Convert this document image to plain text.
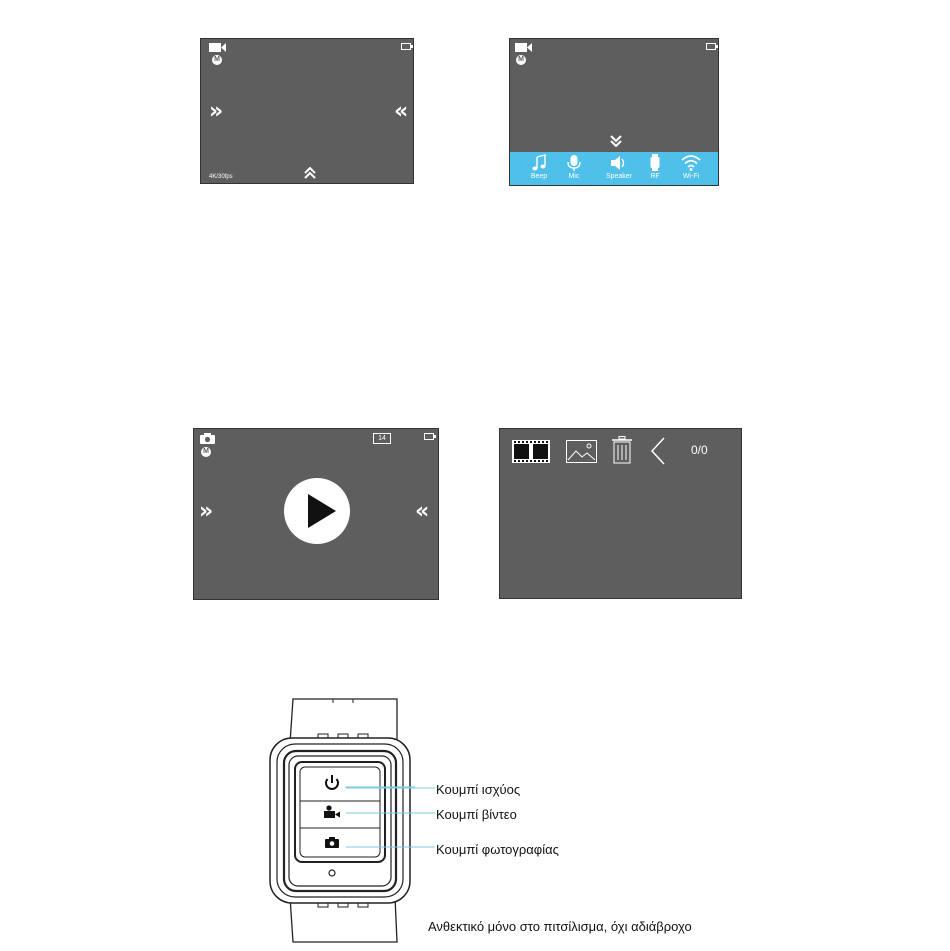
M
»	«
4K/30fps
M
Beep	Mic	Speaker	RF	Wi-Fi
M
14
»	«
0/0
Κουμπί ισχύος
Κουμπί βίντεο
Κουμπί φωτογραφίας
Ανθεκτικό μόνο στο πιτσίλισμα, όχι αδιάβροχο
